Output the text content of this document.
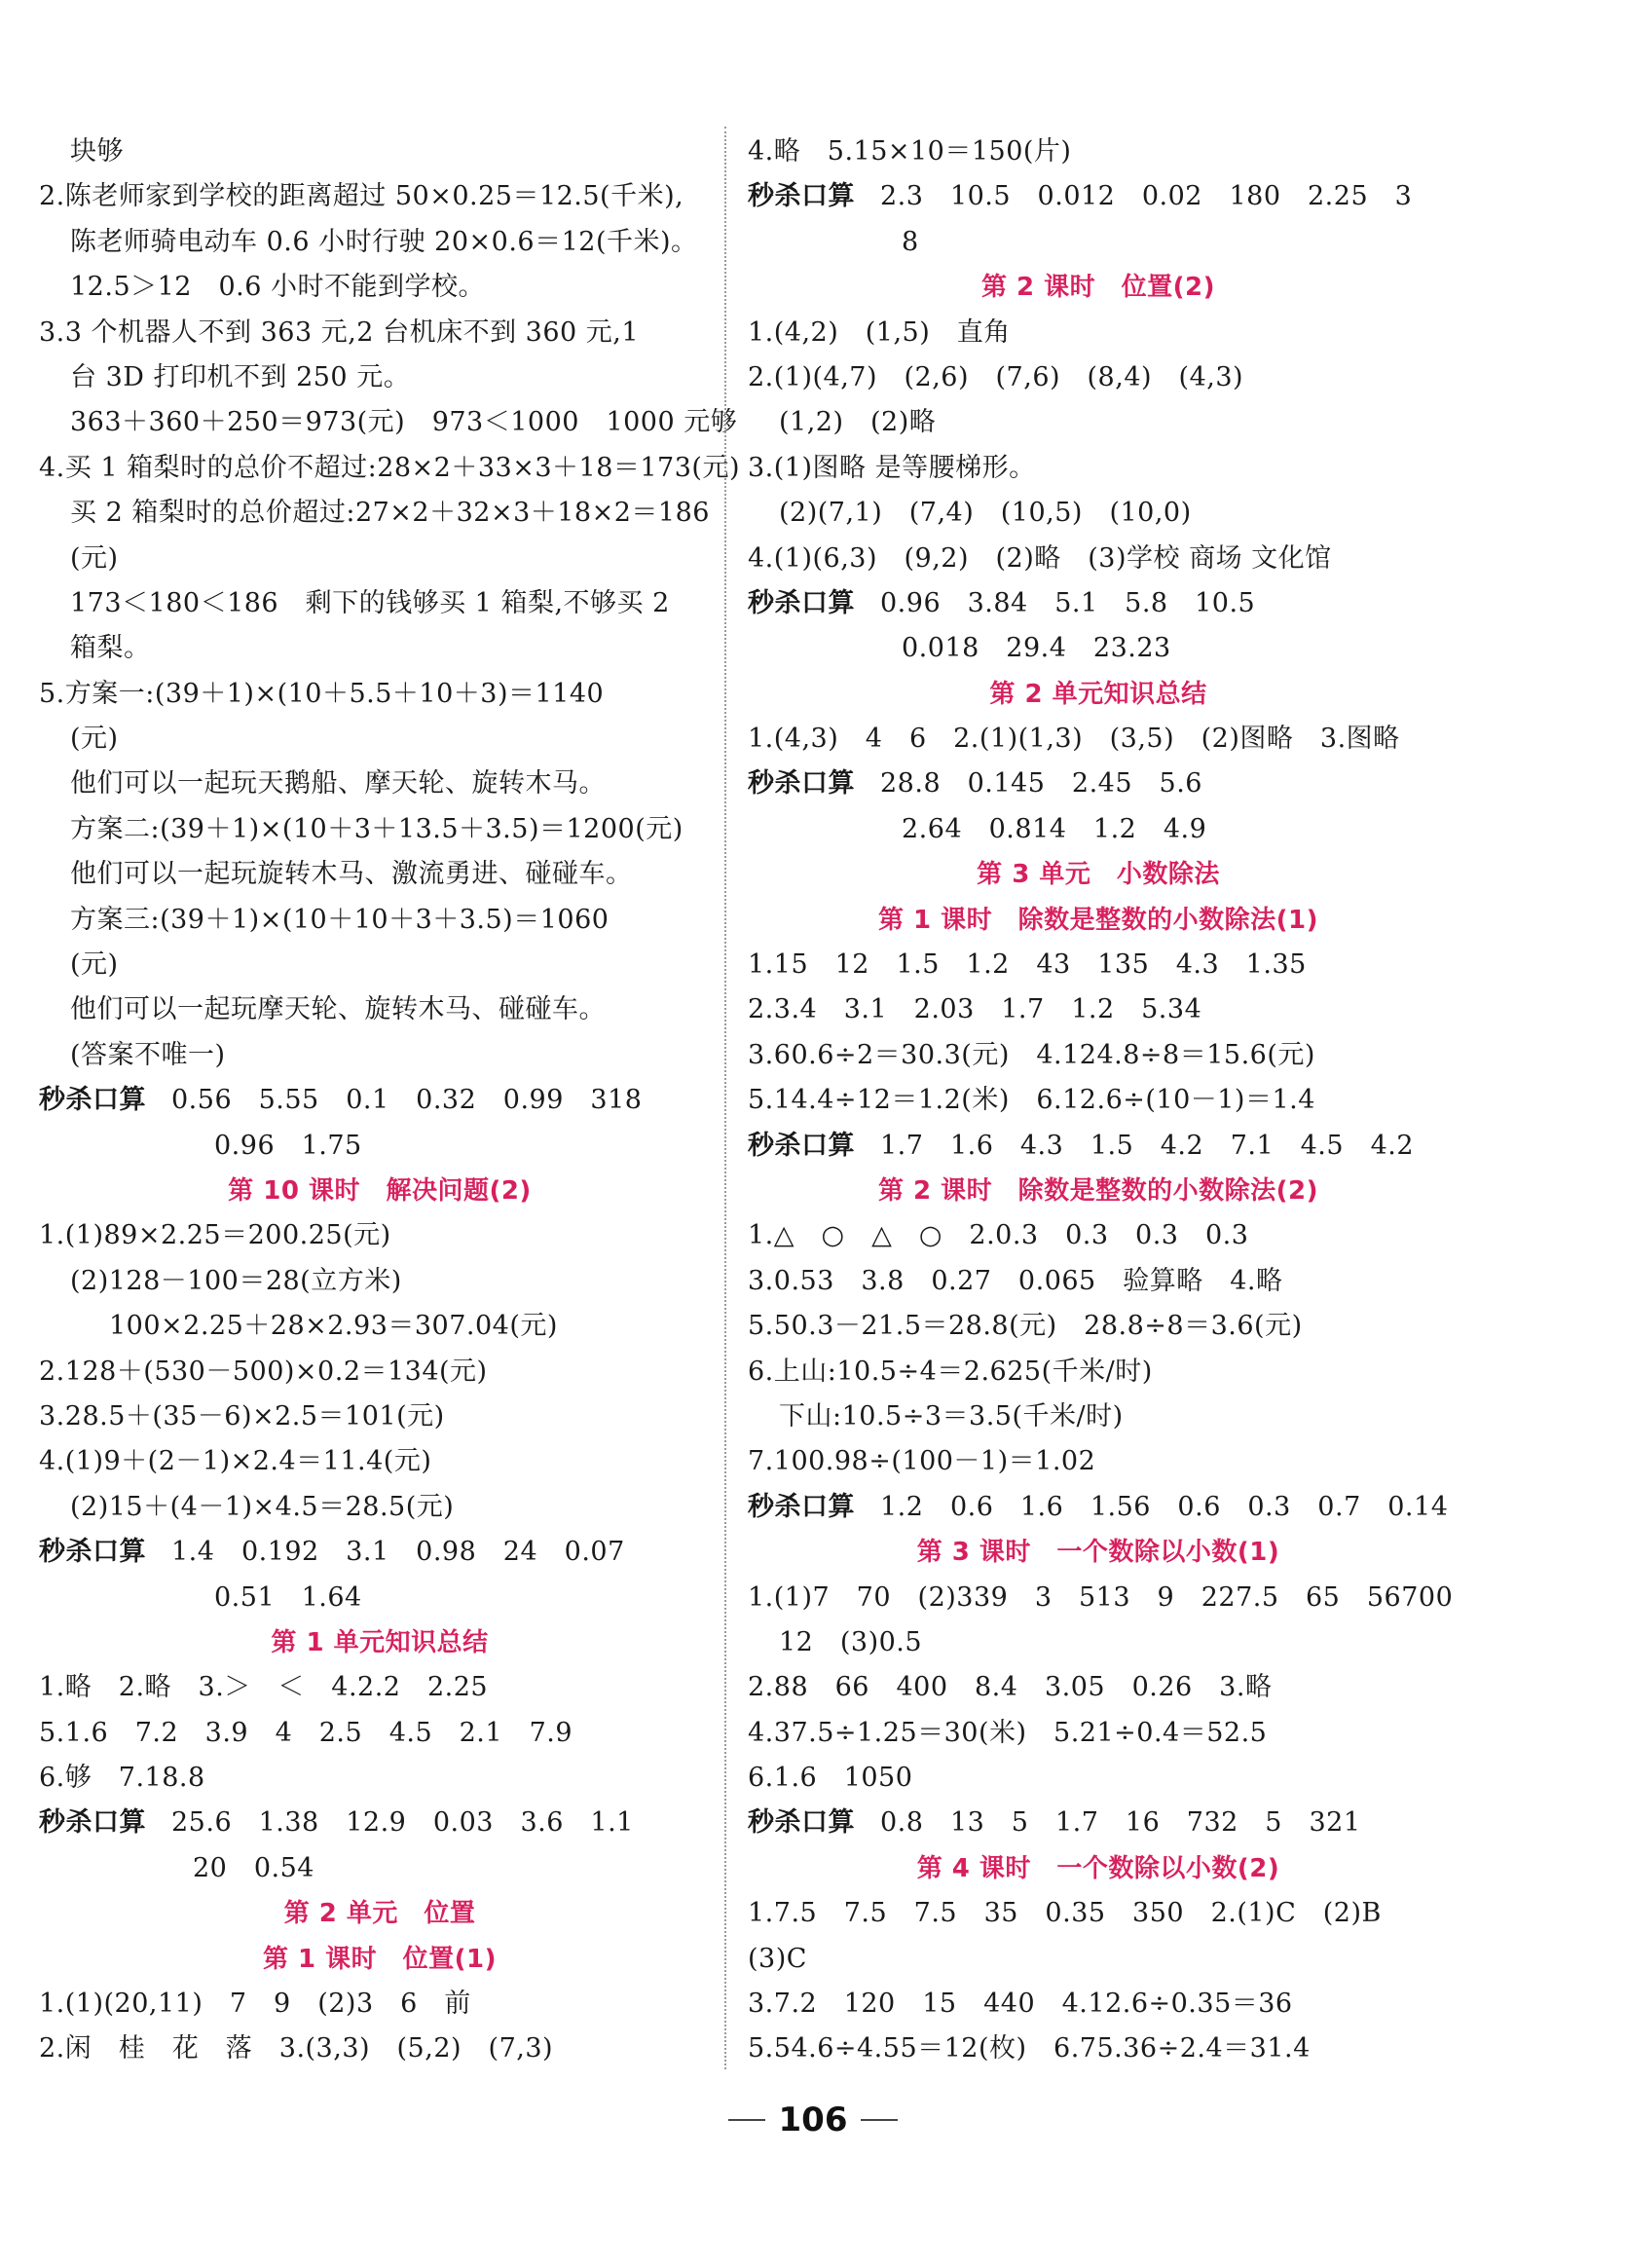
块够
2.陈老师家到学校的距离超过 50×0.25＝12.5(千米),
陈老师骑电动车 0.6 小时行驶 20×0.6＝12(千米)。
12.5＞12　0.6 小时不能到学校。
3.3 个机器人不到 363 元,2 台机床不到 360 元,1
台 3D 打印机不到 250 元。
363＋360＋250＝973(元)　973＜1000　1000 元够
4.买 1 箱梨时的总价不超过:28×2＋33×3＋18＝173(元)
买 2 箱梨时的总价超过:27×2＋32×3＋18×2＝186
(元)
173＜180＜186　剩下的钱够买 1 箱梨,不够买 2
箱梨。
5.方案一:(39＋1)×(10＋5.5＋10＋3)＝1140
(元)
他们可以一起玩天鹅船、摩天轮、旋转木马。
方案二:(39＋1)×(10＋3＋13.5＋3.5)＝1200(元)
他们可以一起玩旋转木马、激流勇进、碰碰车。
方案三:(39＋1)×(10＋10＋3＋3.5)＝1060
(元)
他们可以一起玩摩天轮、旋转木马、碰碰车。
(答案不唯一)
秒杀口算 0.56　5.55　0.1　0.32　0.99　318
0.96　1.75
第 10 课时　解决问题(2)
1.(1)89×2.25＝200.25(元)
(2)128－100＝28(立方米)
100×2.25＋28×2.93＝307.04(元)
2.128＋(530－500)×0.2＝134(元)
3.28.5＋(35－6)×2.5＝101(元)
4.(1)9＋(2－1)×2.4＝11.4(元)
(2)15＋(4－1)×4.5＝28.5(元)
秒杀口算 1.4　0.192　3.1　0.98　24　0.07
0.51　1.64
第 1 单元知识总结
1.略　2.略　3.＞　＜　4.2.2　2.25
5.1.6　7.2　3.9　4　2.5　4.5　2.1　7.9
6.够　7.18.8
秒杀口算 25.6　1.38　12.9　0.03　3.6　1.1
20　0.54
第 2 单元　位置
第 1 课时　位置(1)
1.(1)(20,11)　7　9　(2)3　6　前
2.闲　桂　花　落　3.(3,3)　(5,2)　(7,3)
4.略　5.15×10＝150(片)
秒杀口算 2.3　10.5　0.012　0.02　180　2.25　3
8
第 2 课时　位置(2)
1.(4,2)　(1,5)　直角
2.(1)(4,7)　(2,6)　(7,6)　(8,4)　(4,3)
(1,2)　(2)略
3.(1)图略 是等腰梯形。
(2)(7,1)　(7,4)　(10,5)　(10,0)
4.(1)(6,3)　(9,2)　(2)略　(3)学校 商场 文化馆
秒杀口算 0.96　3.84　5.1　5.8　10.5
0.018　29.4　23.23
第 2 单元知识总结
1.(4,3)　4　6　2.(1)(1,3)　(3,5)　(2)图略　3.图略
秒杀口算 28.8　0.145　2.45　5.6
2.64　0.814　1.2　4.9
第 3 单元　小数除法
第 1 课时　除数是整数的小数除法(1)
1.15　12　1.5　1.2　43　135　4.3　1.35
2.3.4　3.1　2.03　1.7　1.2　5.34
3.60.6÷2＝30.3(元)　4.124.8÷8＝15.6(元)
5.14.4÷12＝1.2(米)　6.12.6÷(10－1)＝1.4
秒杀口算 1.7　1.6　4.3　1.5　4.2　7.1　4.5　4.2
第 2 课时　除数是整数的小数除法(2)
1.△　○　△　○　2.0.3　0.3　0.3　0.3
3.0.53　3.8　0.27　0.065　验算略　4.略
5.50.3－21.5＝28.8(元)　28.8÷8＝3.6(元)
6.上山:10.5÷4＝2.625(千米/时)
下山:10.5÷3＝3.5(千米/时)
7.100.98÷(100－1)＝1.02
秒杀口算 1.2　0.6　1.6　1.56　0.6　0.3　0.7　0.14
第 3 课时　一个数除以小数(1)
1.(1)7　70　(2)339　3　513　9　227.5　65　56700
12　(3)0.5
2.88　66　400　8.4　3.05　0.26　3.略
4.37.5÷1.25＝30(米)　5.21÷0.4＝52.5
6.1.6　1050
秒杀口算 0.8　13　5　1.7　16　732　5　321
第 4 课时　一个数除以小数(2)
1.7.5　7.5　7.5　35　0.35　350　2.(1)C　(2)B
(3)C
3.7.2　120　15　440　4.12.6÷0.35＝36
5.54.6÷4.55＝12(枚)　6.75.36÷2.4＝31.4
106
